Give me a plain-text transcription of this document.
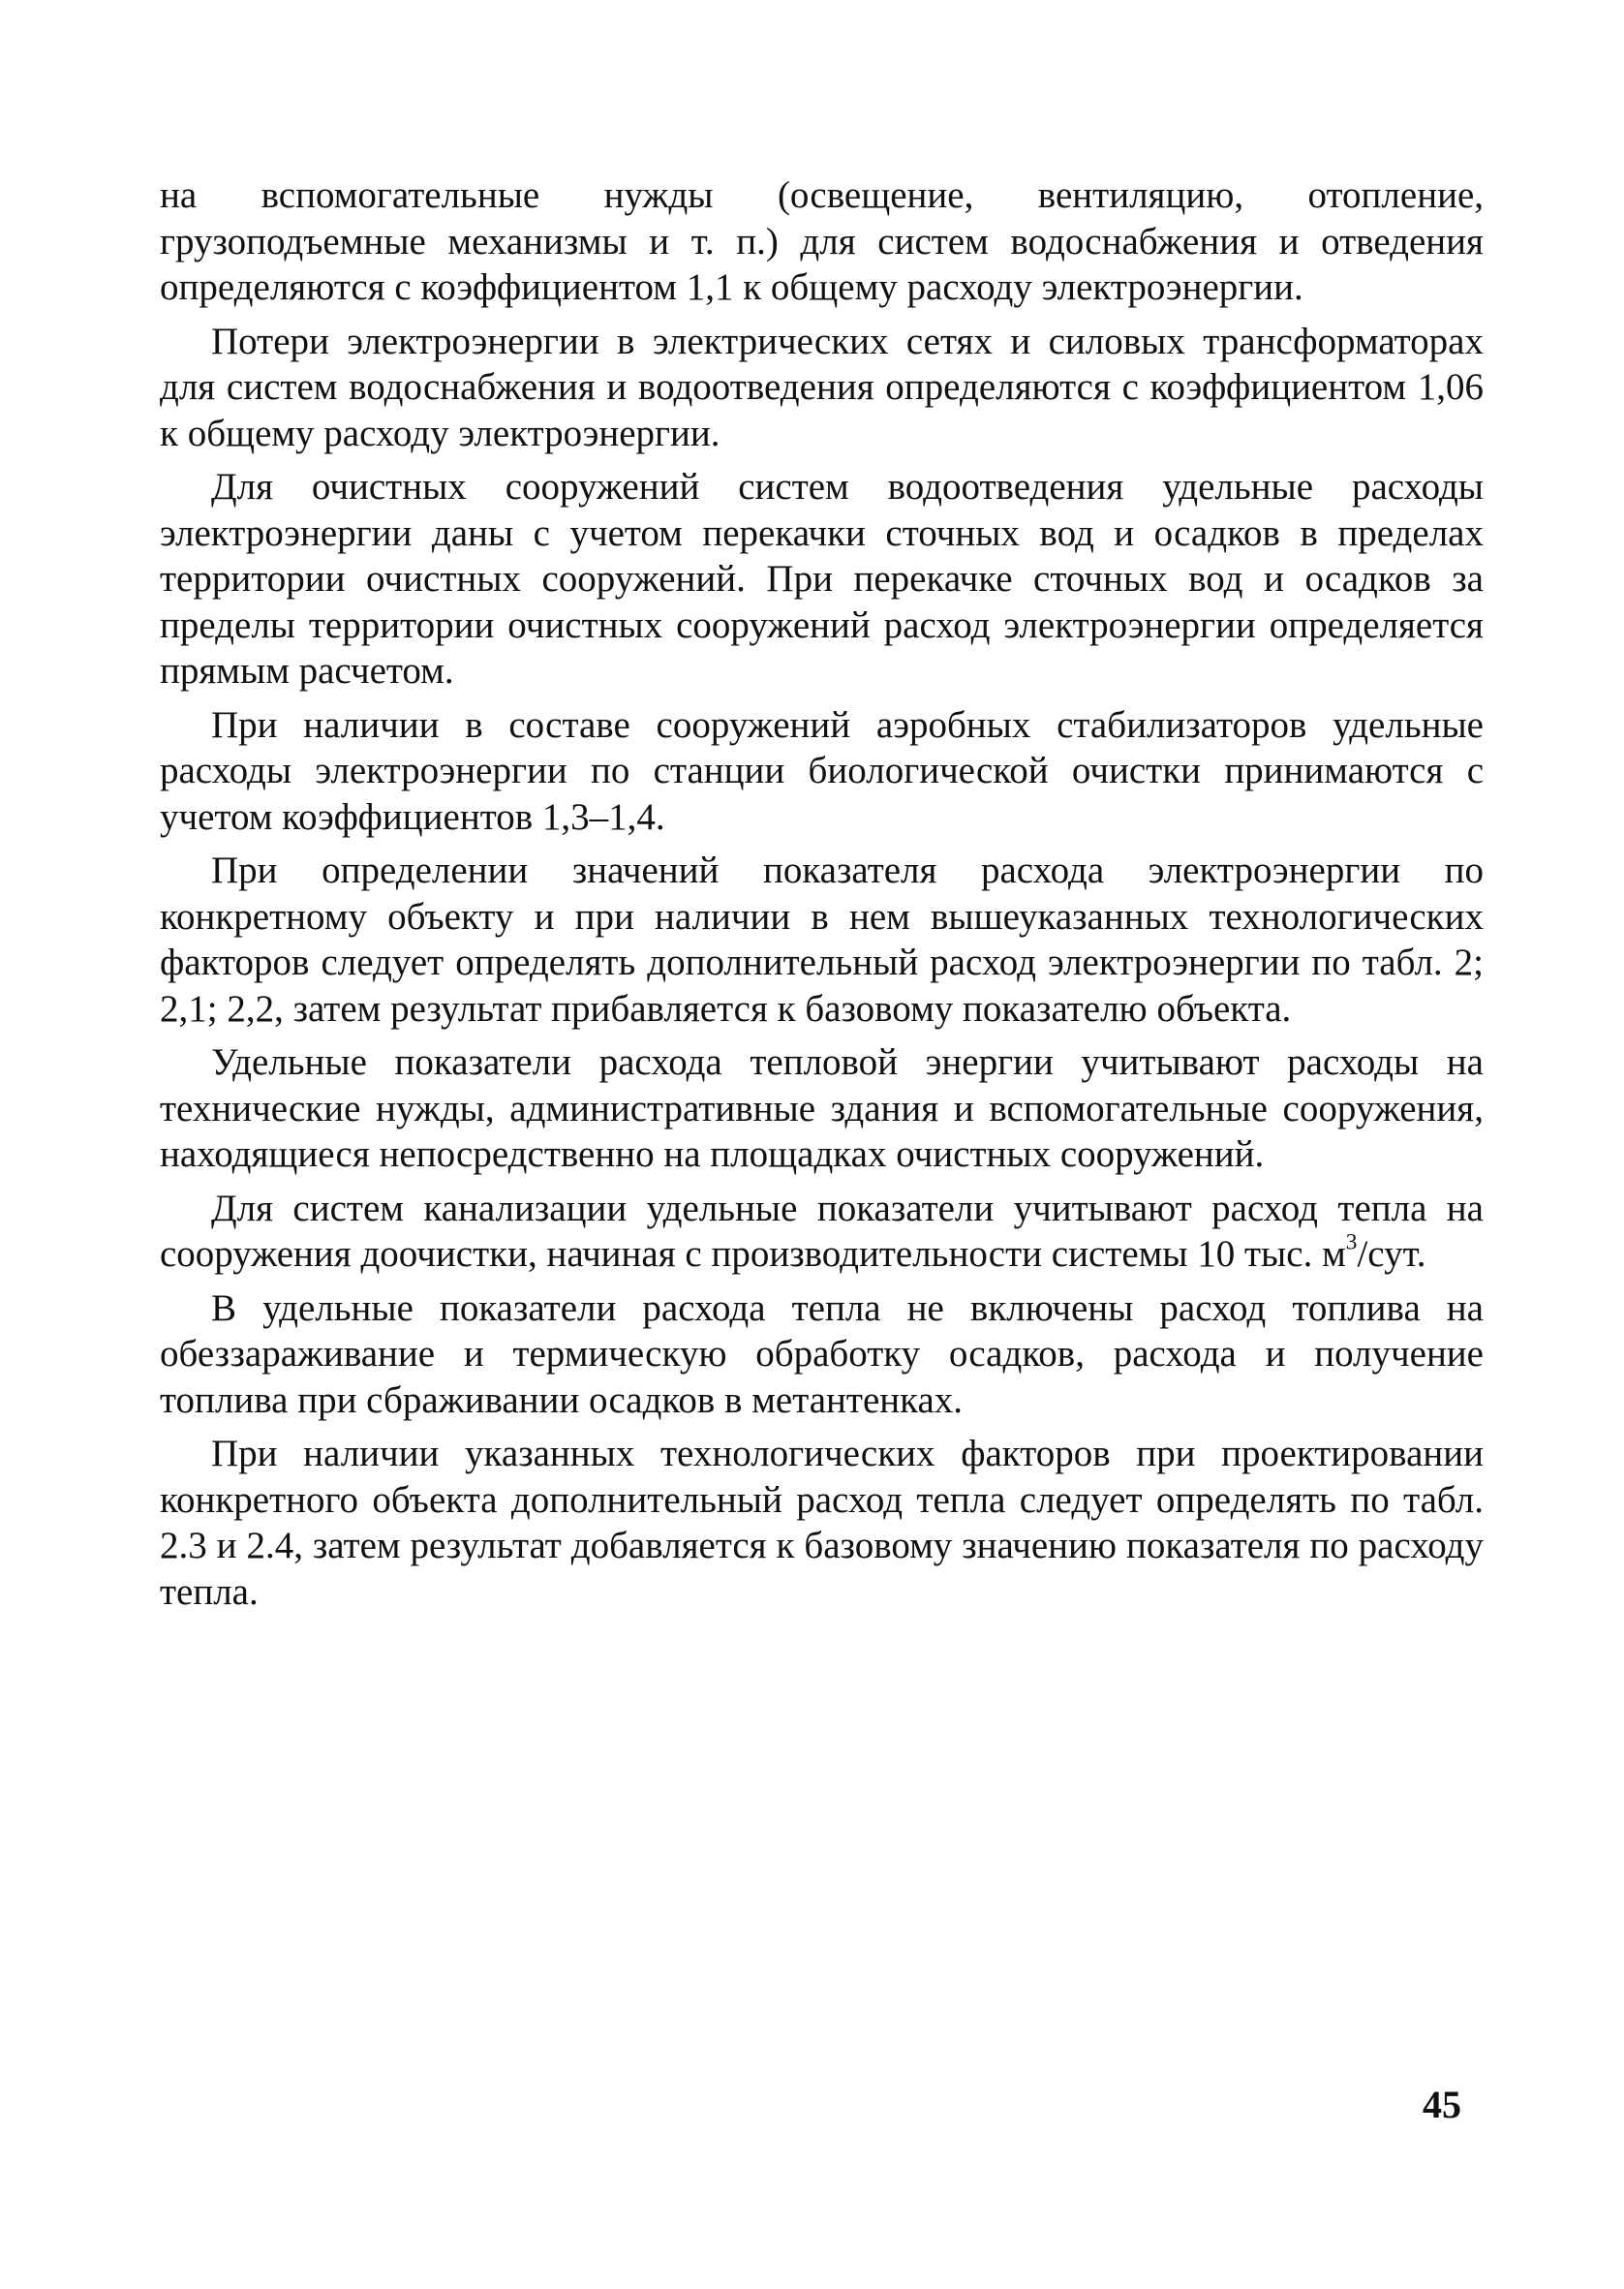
на вспомогательные нужды (освещение, вентиляцию, отопление, грузоподъемные механизмы и т. п.) для систем водоснабжения и отведения определяются с коэффициентом 1,1 к общему расходу электроэнергии.

Потери электроэнергии в электрических сетях и силовых трансформаторах для систем водоснабжения и водоотведения определяются с коэффициентом 1,06 к общему расходу электроэнергии.

Для очистных сооружений систем водоотведения удельные расходы электроэнергии даны с учетом перекачки сточных вод и осадков в пределах территории очистных сооружений. При перекачке сточных вод и осадков за пределы территории очистных сооружений расход электроэнергии определяется прямым расчетом.

При наличии в составе сооружений аэробных стабилизаторов удельные расходы электроэнергии по станции биологической очистки принимаются с учетом коэффициентов 1,3–1,4.

При определении значений показателя расхода электроэнергии по конкретному объекту и при наличии в нем вышеуказанных технологических факторов следует определять дополнительный расход электроэнергии по табл. 2; 2,1; 2,2, затем результат прибавляется к базовому показателю объекта.

Удельные показатели расхода тепловой энергии учитывают расходы на технические нужды, административные здания и вспомогательные сооружения, находящиеся непосредственно на площадках очистных сооружений.

Для систем канализации удельные показатели учитывают расход тепла на сооружения доочистки, начиная с производительности системы 10 тыс. $м^3$/сут.

В удельные показатели расхода тепла не включены расход топлива на обеззараживание и термическую обработку осадков, расхода и получение топлива при сбраживании осадков в метантенках.

При наличии указанных технологических факторов при проектировании конкретного объекта дополнительный расход тепла следует определять по табл. 2.3 и 2.4, затем результат добавляется к базовому значению показателя по расходу тепла.

45
